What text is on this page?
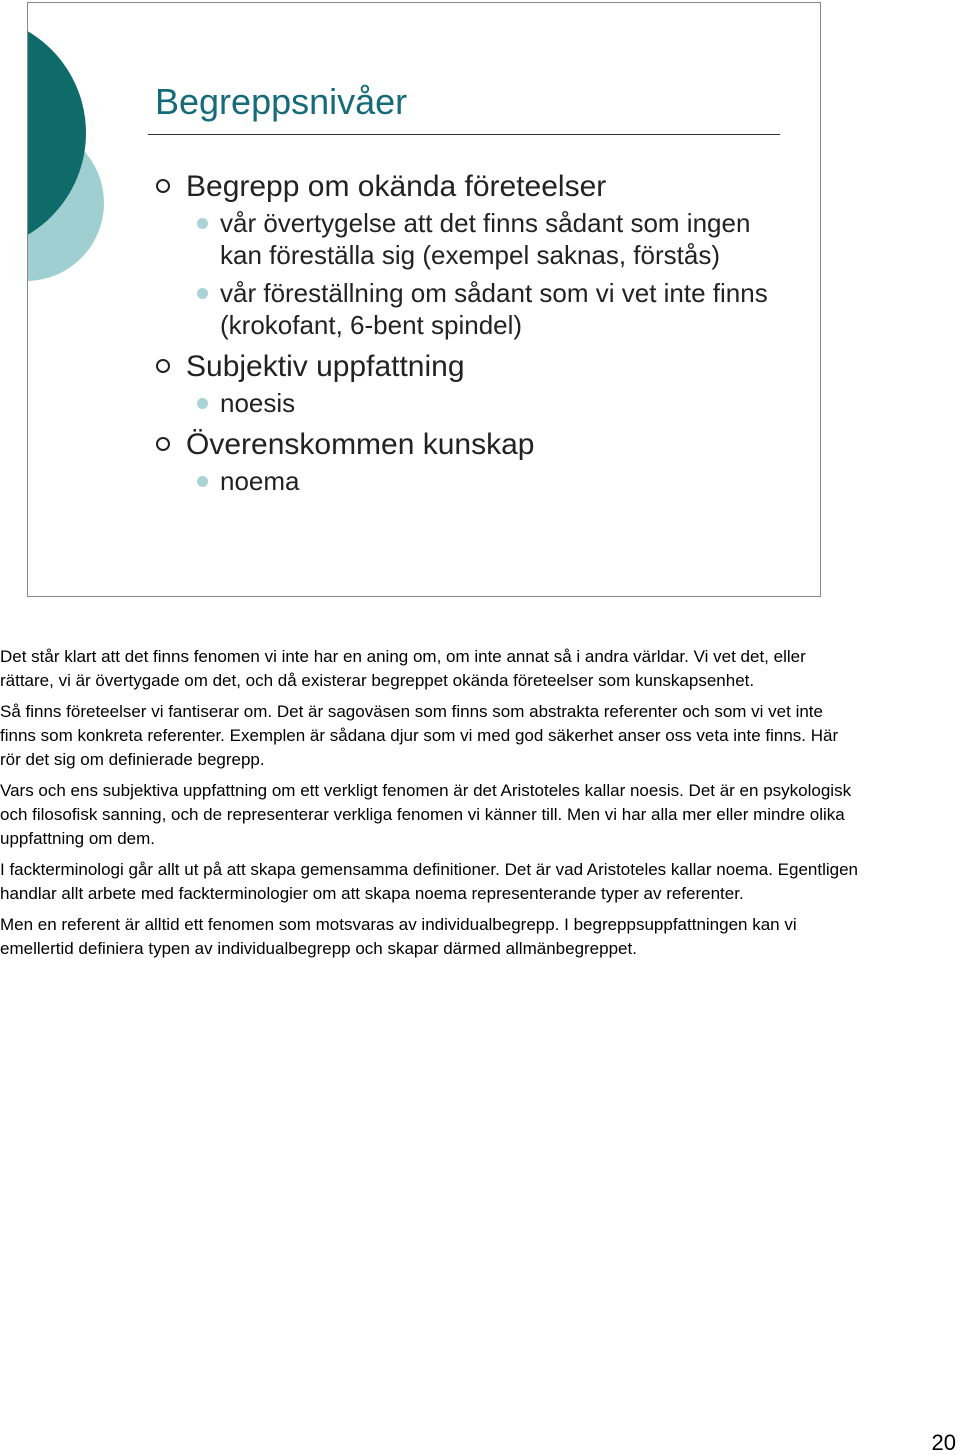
Begreppsnivåer
Begrepp om okända företeelser
vår övertygelse att det finns sådant som ingen kan föreställa sig (exempel saknas, förstås)
vår föreställning om sådant som vi vet inte finns (krokofant, 6-bent spindel)
Subjektiv uppfattning
noesis
Överenskommen kunskap
noema

Det står klart att det finns fenomen vi inte har en aning om, om inte annat så i andra världar. Vi vet det, eller rättare, vi är övertygade om det, och då existerar begreppet okända företeelser som kunskapsenhet.

Så finns företeelser vi fantiserar om. Det är sagoväsen som finns som abstrakta referenter och som vi vet inte finns som konkreta referenter. Exemplen är sådana djur som vi med god säkerhet anser oss veta inte finns. Här rör det sig om definierade begrepp.

Vars och ens subjektiva uppfattning om ett verkligt fenomen är det Aristoteles kallar noesis. Det är en psykologisk och filosofisk sanning, och de representerar verkliga fenomen vi känner till. Men vi har alla mer eller mindre olika uppfattning om dem.

I fackterminologi går allt ut på att skapa gemensamma definitioner. Det är vad Aristoteles kallar noema. Egentligen handlar allt arbete med fackterminologier om att skapa noema representerande typer av referenter.

Men en referent är alltid ett fenomen som motsvaras av individualbegrepp. I begreppsuppfattningen kan vi emellertid definiera typen av individualbegrepp och skapar därmed allmänbegreppet.

20
